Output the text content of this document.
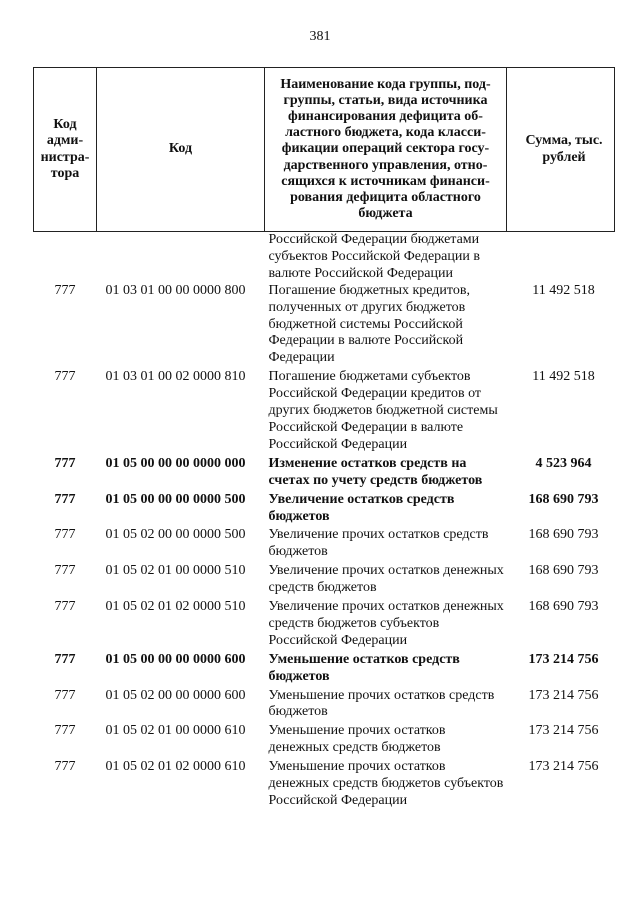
381
Код адми-нистра-тора	Код	Наименование кода группы, под-группы, статьи, вида источника финансирования дефицита об-ластного бюджета, кода класси-фикации операций сектора госу-дарственного управления, отно-сящихся к источникам финанси-рования дефицита областного бюджета	Сумма, тыс. рублей
		Российской Федерации бюджетами субъектов Российской Федерации в валюте Российской Федерации	
777	01 03 01 00 00 0000 800	Погашение бюджетных кредитов, полученных от других бюджетов бюджетной системы Российской Федерации в валюте Российской Федерации	11 492 518
777	01 03 01 00 02 0000 810	Погашение бюджетами субъектов Российской Федерации кредитов от других бюджетов бюджетной системы Российской Федерации в валюте Российской Федерации	11 492 518
777	01 05 00 00 00 0000 000	Изменение остатков средств на счетах по учету средств бюджетов	4 523 964
777	01 05 00 00 00 0000 500	Увеличение остатков средств бюджетов	168 690 793
777	01 05 02 00 00 0000 500	Увеличение прочих остатков средств бюджетов	168 690 793
777	01 05 02 01 00 0000 510	Увеличение прочих остатков денежных средств бюджетов	168 690 793
777	01 05 02 01 02 0000 510	Увеличение прочих остатков денежных средств бюджетов субъектов Российской Федерации	168 690 793
777	01 05 00 00 00 0000 600	Уменьшение остатков средств бюджетов	173 214 756
777	01 05 02 00 00 0000 600	Уменьшение прочих остатков средств бюджетов	173 214 756
777	01 05 02 01 00 0000 610	Уменьшение прочих остатков денежных средств бюджетов	173 214 756
777	01 05 02 01 02 0000 610	Уменьшение прочих остатков денежных средств бюджетов субъектов Российской Федерации	173 214 756
